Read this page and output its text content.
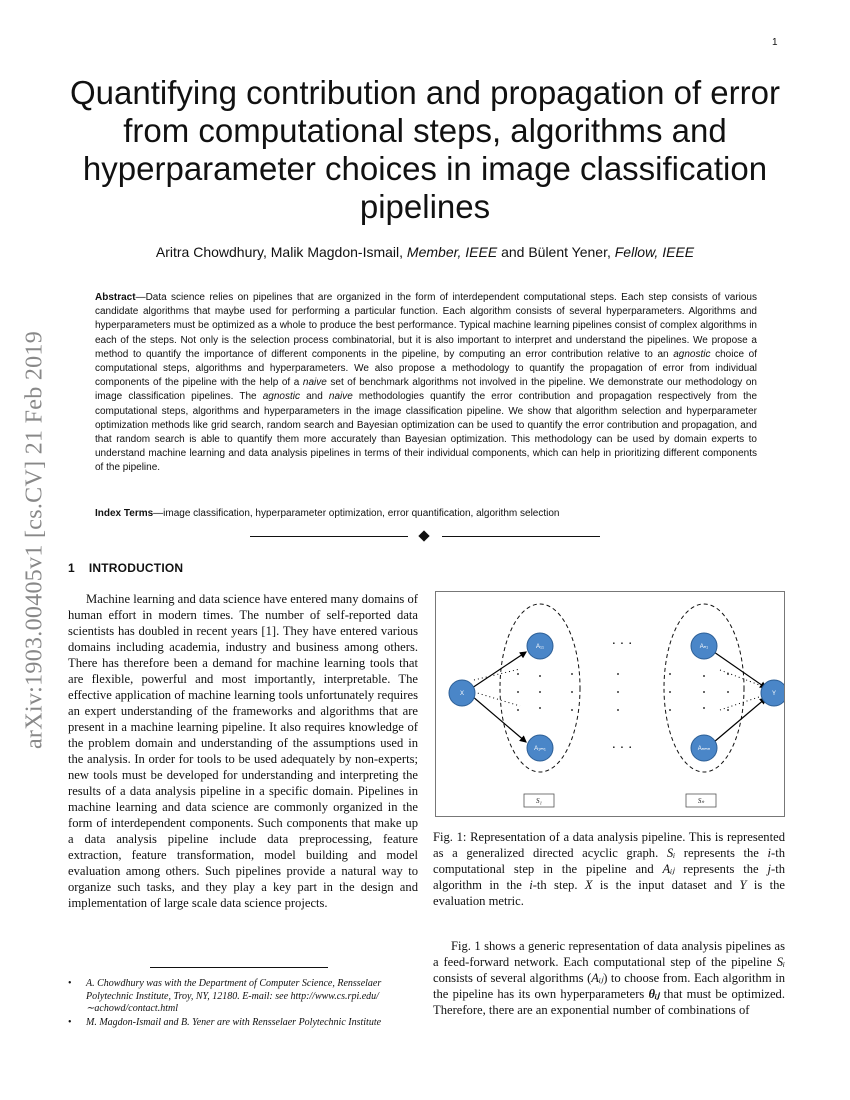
1
arXiv:1903.00405v1 [cs.CV] 21 Feb 2019
Quantifying contribution and propagation of error from computational steps, algorithms and hyperparameter choices in image classification pipelines
Aritra Chowdhury, Malik Magdon-Ismail, Member, IEEE and Bülent Yener, Fellow, IEEE

Abstract—Data science relies on pipelines that are organized in the form of interdependent computational steps. Each step consists of various candidate algorithms that maybe used for performing a particular function. Each algorithm consists of several hyperparameters. Algorithms and hyperparameters must be optimized as a whole to produce the best performance. Typical machine learning pipelines consist of complex algorithms in each of the steps. Not only is the selection process combinatorial, but it is also important to interpret and understand the pipelines. We propose a method to quantify the importance of different components in the pipeline, by computing an error contribution relative to an agnostic choice of computational steps, algorithms and hyperparameters. We also propose a methodology to quantify the propagation of error from individual components of the pipeline with the help of a naive set of benchmark algorithms not involved in the pipeline. We demonstrate our methodology on image classification pipelines. The agnostic and naive methodologies quantify the error contribution and propagation respectively from the computational steps, algorithms and hyperparameters in the image classification pipeline. We show that algorithm selection and hyperparameter optimization methods like grid search, random search and Bayesian optimization can be used to quantify the error contribution and propagation, and that random search is able to quantify them more accurately than Bayesian optimization. This methodology can be used by domain experts to understand machine learning and data analysis pipelines in terms of their individual components, which can help in prioritizing different components of the pipeline.

Index Terms—image classification, hyperparameter optimization, error quantification, algorithm selection
1 INTRODUCTION

Machine learning and data science have entered many domains of human effort in modern times. The number of self-reported data scientists has doubled in recent years [1]. They have entered various domains including academia, industry and business among others. There has therefore been a demand for machine learning tools that are flexible, powerful and most importantly, interpretable. The effective application of machine learning tools unfortunately requires an expert understanding of the frameworks and algorithms that are present in a machine learning pipeline. It also requires knowledge of the problem domain and understanding of the assumptions used in the analysis. In order for tools to be used adequately by non-experts; new tools must be developed for understanding and interpreting the results of a data analysis pipeline in a specific domain. Pipelines in machine learning and data science are commonly organized in the form of interdependent components. Such components that make up a data analysis pipeline include data preprocessing, feature extraction, feature transformation, model building and model evaluation among others. Such pipelines provide a natural way to organize such tasks, and they play a key part in the design and implementation of large scale data science projects.

• A. Chowdhury was with the Department of Computer Science, Rensselaer Polytechnic Institute, Troy, NY, 12180. E-mail: see http://www.cs.rpi.edu/∼achowd/contact.html
• M. Magdon-Ismail and B. Yener are with Rensselaer Polytechnic Institute
· · ·
· · ·
X
A₁₁
A₁ₘ₁
Aₙ₁
Aₙₘₙ
Y
S₁	Sₙ

Fig. 1: Representation of a data analysis pipeline. This is represented as a generalized directed acyclic graph. Sᵢ represents the i-th computational step in the pipeline and Aᵢⱼ represents the j-th algorithm in the i-th step. X is the input dataset and Y is the evaluation metric.

Fig. 1 shows a generic representation of data analysis pipelines as a feed-forward network. Each computational step of the pipeline Sᵢ consists of several algorithms (Aᵢⱼ) to choose from. Each algorithm in the pipeline has its own hyperparameters θᵢⱼ that must be optimized. Therefore, there are an exponential number of combinations of
